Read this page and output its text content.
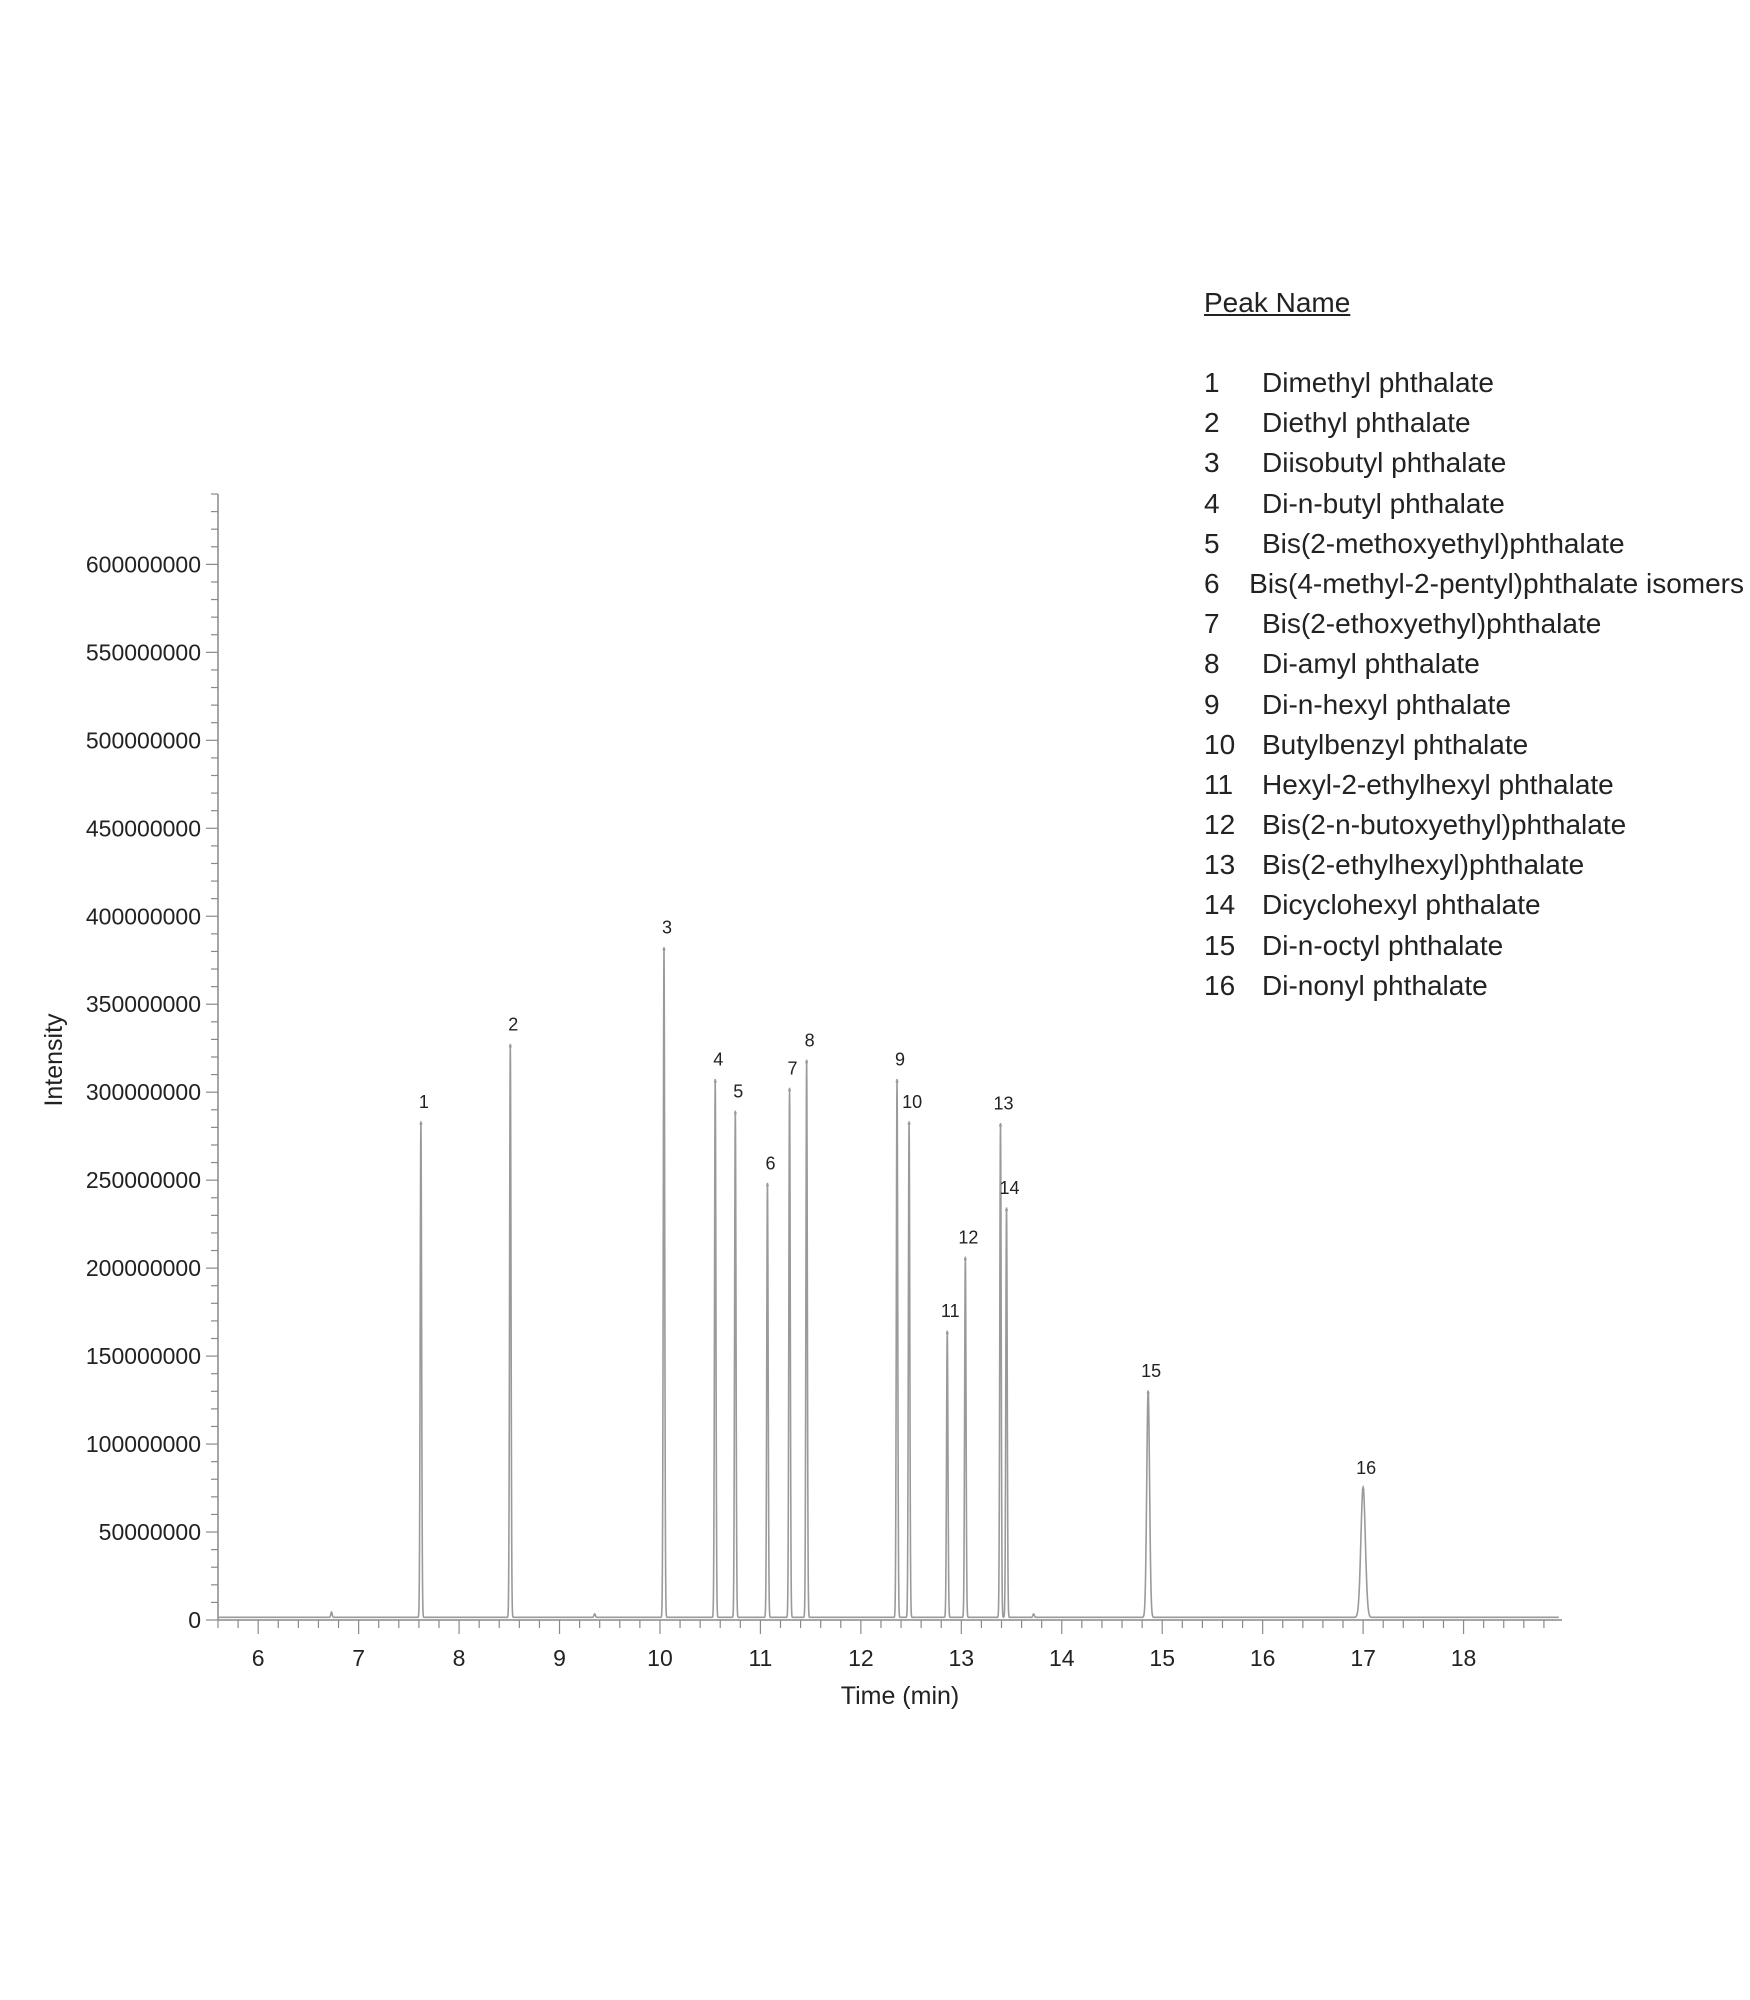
0
50000000
100000000
150000000
200000000
250000000
300000000
350000000
400000000
450000000
500000000
550000000
600000000
6	7	8	9	10	11	12	13	14	15	16	17	18
1
2
3
4
5
6
7
8
9
10
11
12
13
14
15
16
Time (min)
Intensity
Peak Name
1	Dimethyl phthalate
2	Diethyl phthalate
3	Diisobutyl phthalate
4	Di-n-butyl phthalate
5	Bis(2-methoxyethyl)phthalate
6	Bis(4-methyl-2-pentyl)phthalate isomers
7	Bis(2-ethoxyethyl)phthalate
8	Di-amyl phthalate
9	Di-n-hexyl phthalate
10 Butylbenzyl phthalate
11	Hexyl-2-ethylhexyl phthalate
12 Bis(2-n-butoxyethyl)phthalate
13 Bis(2-ethylhexyl)phthalate
14 Dicyclohexyl phthalate
15 Di-n-octyl phthalate
16 Di-nonyl phthalate
